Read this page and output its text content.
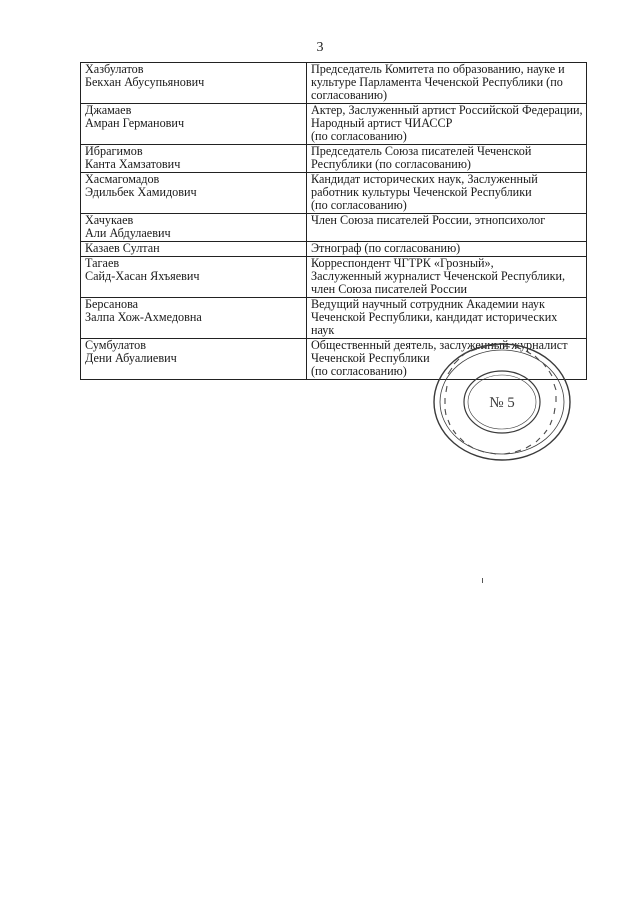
3
Хазбулатов
Бекхан Абусупьянович	Председатель Комитета по образованию, науке и культуре Парламента Чеченской Республики (по согласованию)
Джамаев
Амран Германович	Актер, Заслуженный артист Российской Федерации, Народный артист ЧИАССР
(по согласованию)
Ибрагимов
Канта Хамзатович	Председатель Союза писателей Чеченской Республики (по согласованию)
Хасмагомадов
Эдильбек Хамидович	Кандидат исторических наук, Заслуженный работник культуры Чеченской Республики
(по согласованию)
Хачукаев
Али Абдулаевич	Член Союза писателей России, этнопсихолог
Казаев Султан	Этнограф (по согласованию)
Тагаев
Сайд-Хасан Яхъяевич	Корреспондент ЧГТРК «Грозный»,
Заслуженный журналист Чеченской Республики, член Союза писателей России
Берсанова
Залпа Хож-Ахмедовна	Ведущий научный сотрудник Академии наук Чеченской Республики, кандидат исторических наук
Сумбулатов
Дени Абуалиевич	Общественный деятель, заслуженный журналист Чеченской Республики
(по согласованию)
№ 5
